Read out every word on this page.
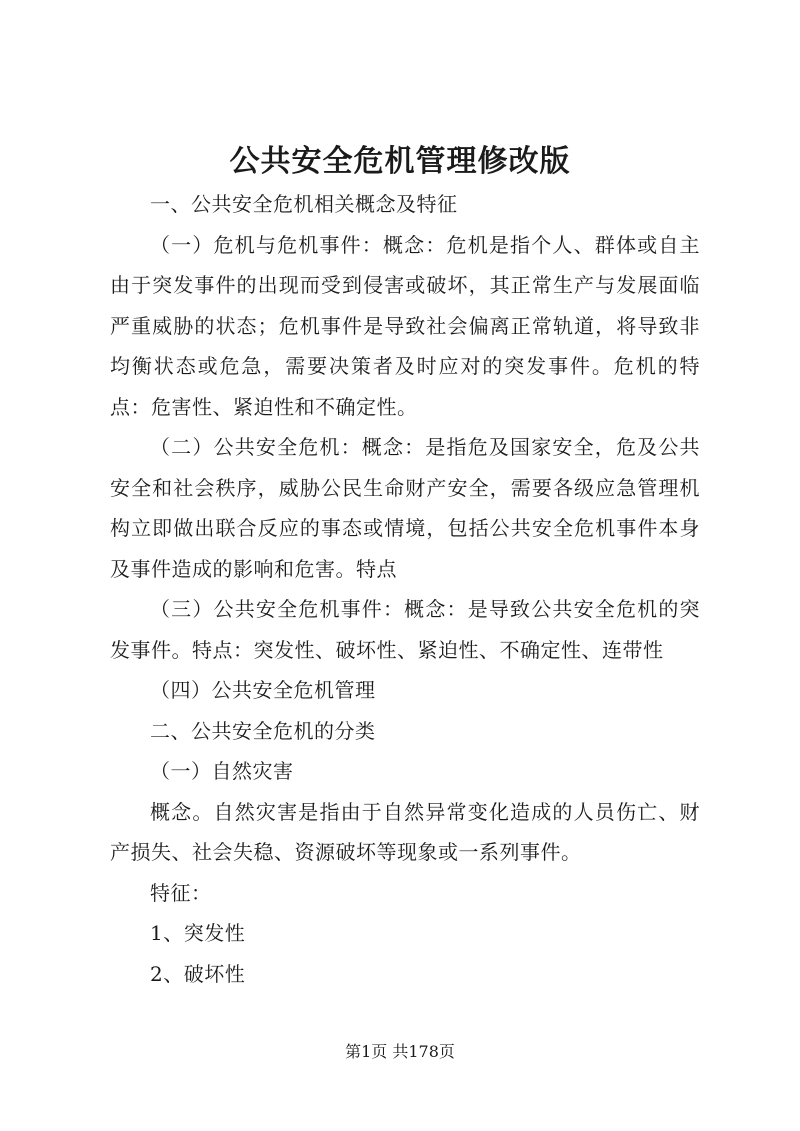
公共安全危机管理修改版

一、公共安全危机相关概念及特征

（一）危机与危机事件：概念：危机是指个人、群体或自主由于突发事件的出现而受到侵害或破坏，其正常生产与发展面临严重威胁的状态；危机事件是导致社会偏离正常轨道，将导致非均衡状态或危急，需要决策者及时应对的突发事件。危机的特点：危害性、紧迫性和不确定性。

（二）公共安全危机：概念：是指危及国家安全，危及公共安全和社会秩序，威胁公民生命财产安全，需要各级应急管理机构立即做出联合反应的事态或情境，包括公共安全危机事件本身及事件造成的影响和危害。特点

（三）公共安全危机事件：概念：是导致公共安全危机的突发事件。特点：突发性、破坏性、紧迫性、不确定性、连带性

（四）公共安全危机管理

二、公共安全危机的分类

（一）自然灾害

概念。自然灾害是指由于自然异常变化造成的人员伤亡、财产损失、社会失稳、资源破坏等现象或一系列事件。

特征：

1、突发性

2、破坏性

第1页 共178页
